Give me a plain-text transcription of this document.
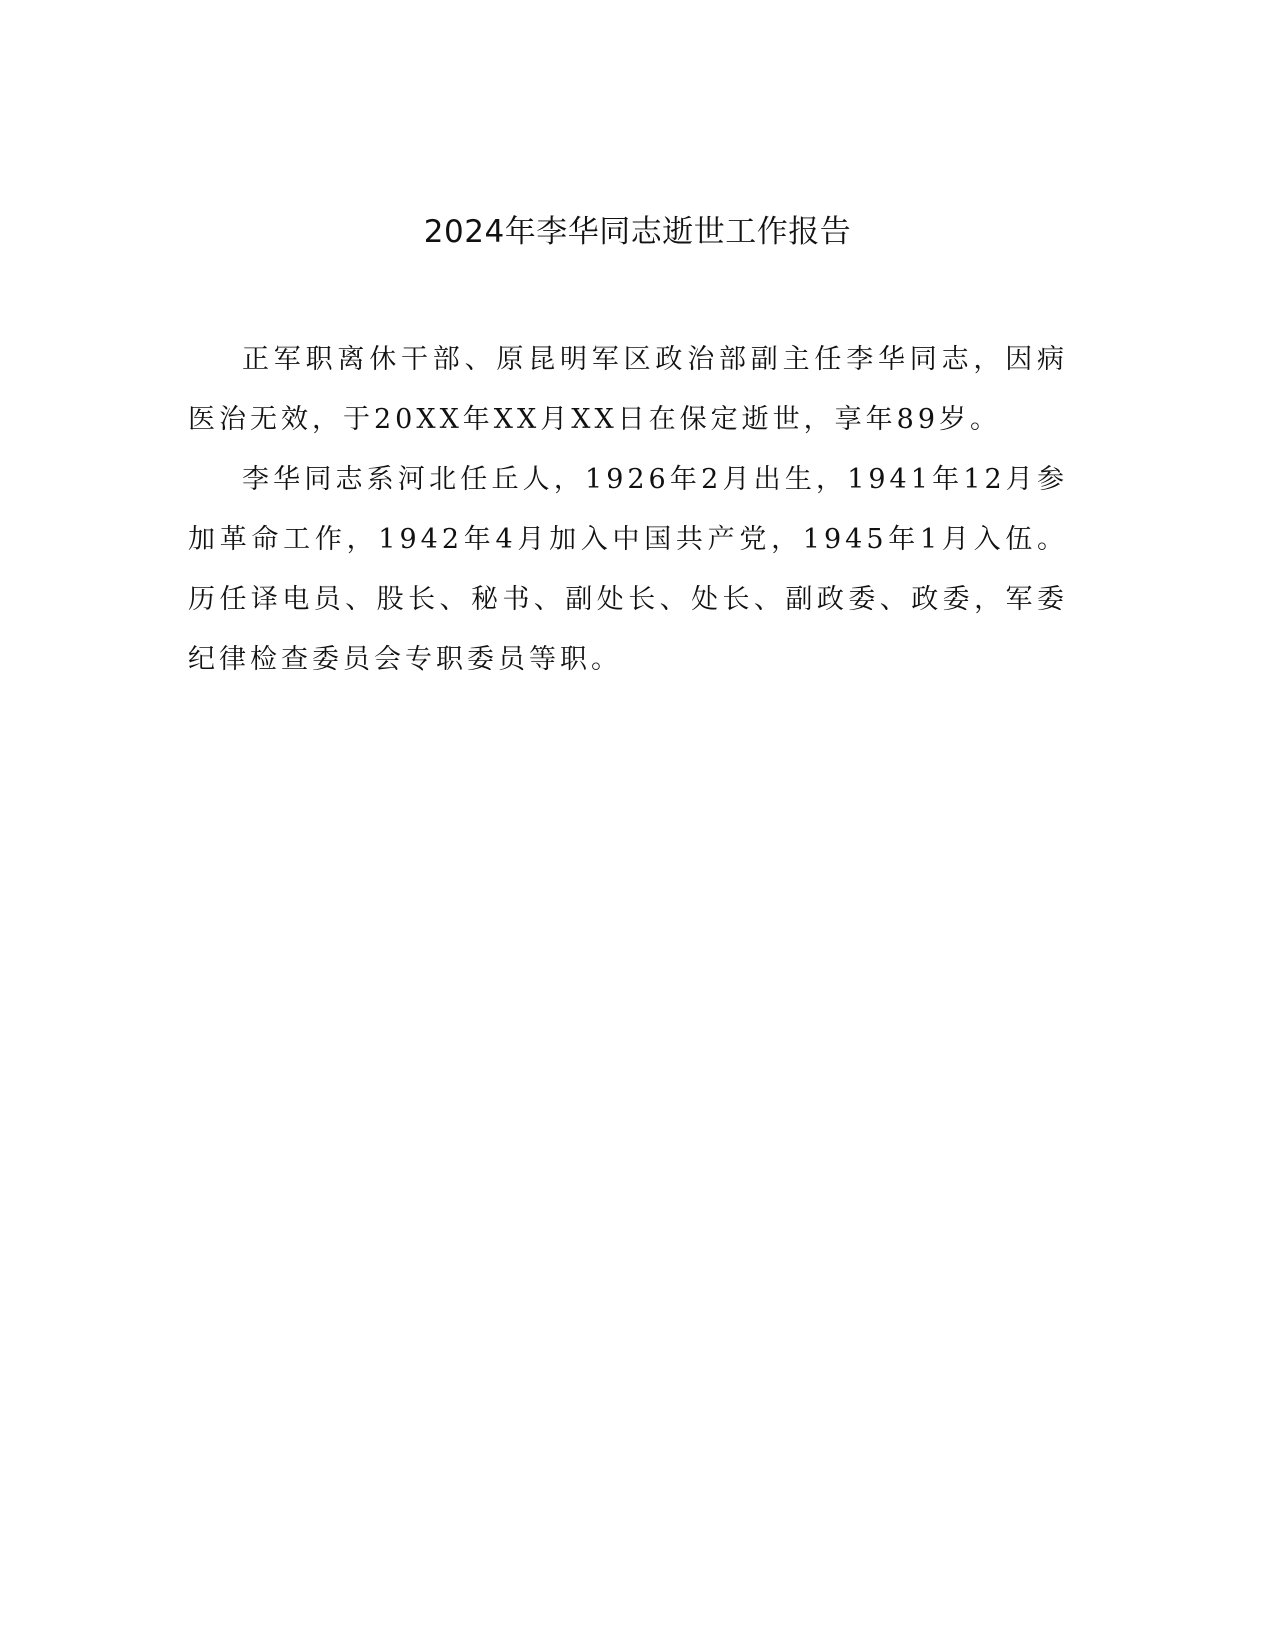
2024年李华同志逝世工作报告

正军职离休干部、原昆明军区政治部副主任李华同志，因病医治无效，于20XX年XX月XX日在保定逝世，享年89岁。

李华同志系河北任丘人，1926年2月出生，1941年12月参加革命工作，1942年4月加入中国共产党，1945年1月入伍。历任译电员、股长、秘书、副处长、处长、副政委、政委，军委纪律检查委员会专职委员等职。
